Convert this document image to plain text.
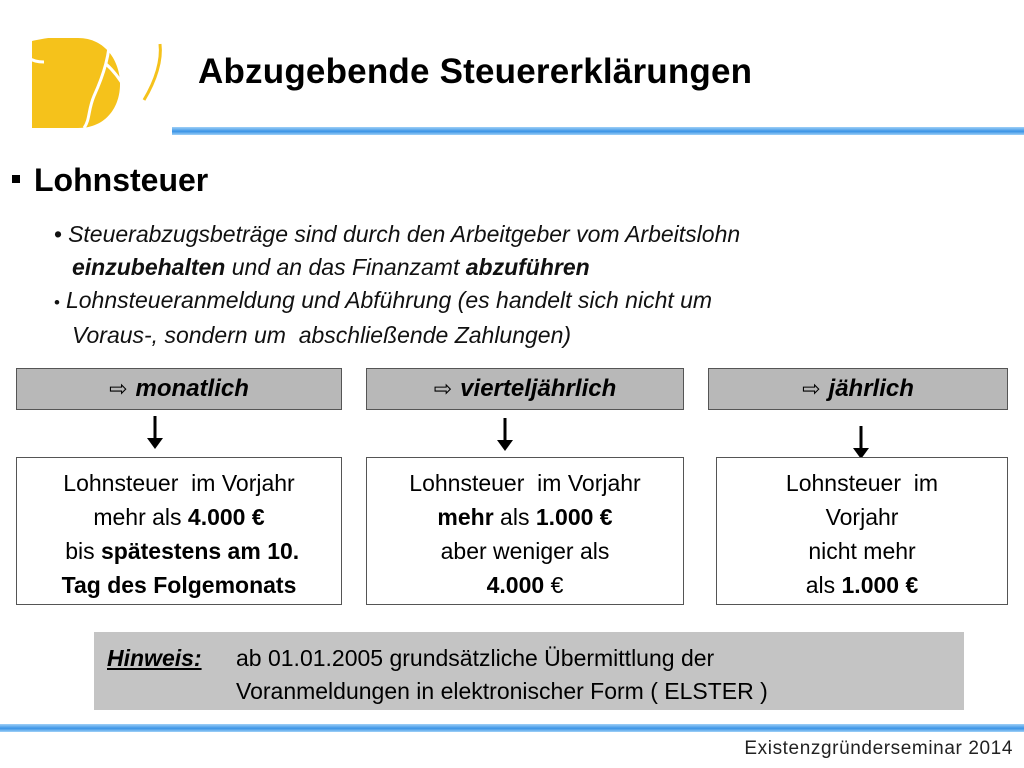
Abzugebende Steuererklärungen
Lohnsteuer
• Steuerabzugsbeträge sind durch den Arbeitgeber vom Arbeitslohn
einzubehalten und an das Finanzamt abzuführen
• Lohnsteueranmeldung und Abführung (es handelt sich nicht um
Voraus-, sondern um  abschließende Zahlungen)
⇨ monatlich	⇨ vierteljährlich	⇨ jährlich
Lohnsteuer  im Vorjahr
mehr als 4.000 €
bis spätestens am 10.
Tag des Folgemonats
Lohnsteuer  im Vorjahr
mehr als 1.000 €
aber weniger als
4.000 €
Lohnsteuer  im
Vorjahr
nicht mehr
als 1.000 €
Hinweis: ab 01.01.2005 grundsätzliche Übermittlung der
Voranmeldungen in elektronischer Form ( ELSTER )
Existenzgründerseminar 2014
